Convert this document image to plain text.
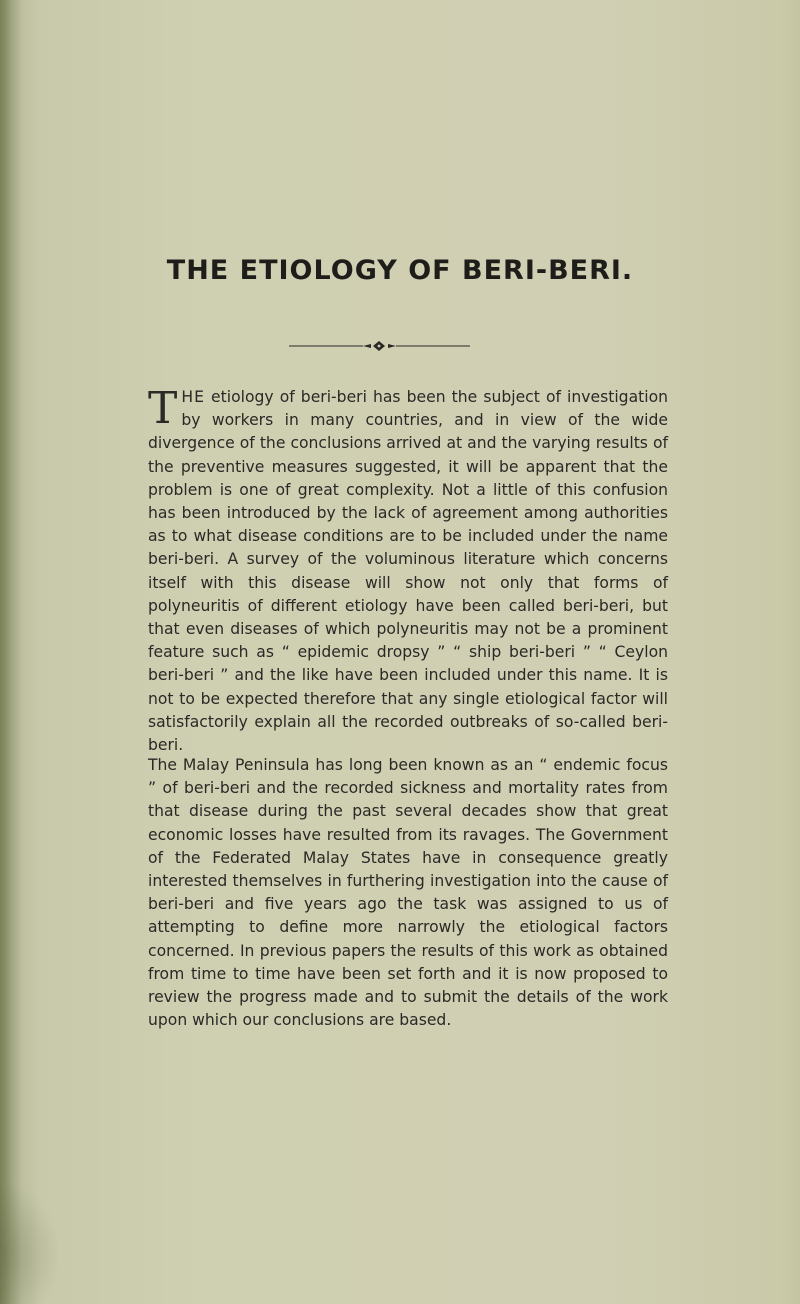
THE ETIOLOGY OF BERI-BERI.

THE etiology of beri-beri has been the subject of investigation by workers in many countries, and in view of the wide divergence of the conclusions arrived at and the varying results of the preventive measures suggested, it will be apparent that the problem is one of great complexity. Not a little of this confusion has been introduced by the lack of agreement among authorities as to what disease conditions are to be included under the name beri-beri. A survey of the voluminous literature which concerns itself with this disease will show not only that forms of polyneuritis of different etiology have been called beri-beri, but that even diseases of which polyneuritis may not be a prominent feature such as “ epidemic dropsy ” “ ship beri-beri ” “ Ceylon beri-beri ” and the like have been included under this name. It is not to be expected therefore that any single etiological factor will satisfactorily explain all the recorded outbreaks of so-called beri-beri.

The Malay Peninsula has long been known as an “ endemic focus ” of beri-beri and the recorded sickness and mortality rates from that disease during the past several decades show that great economic losses have resulted from its ravages. The Government of the Federated Malay States have in consequence greatly interested themselves in furthering investigation into the cause of beri-beri and five years ago the task was assigned to us of attempting to define more narrowly the etiological factors concerned. In previous papers the results of this work as obtained from time to time have been set forth and it is now proposed to review the progress made and to submit the details of the work upon which our conclusions are based.
